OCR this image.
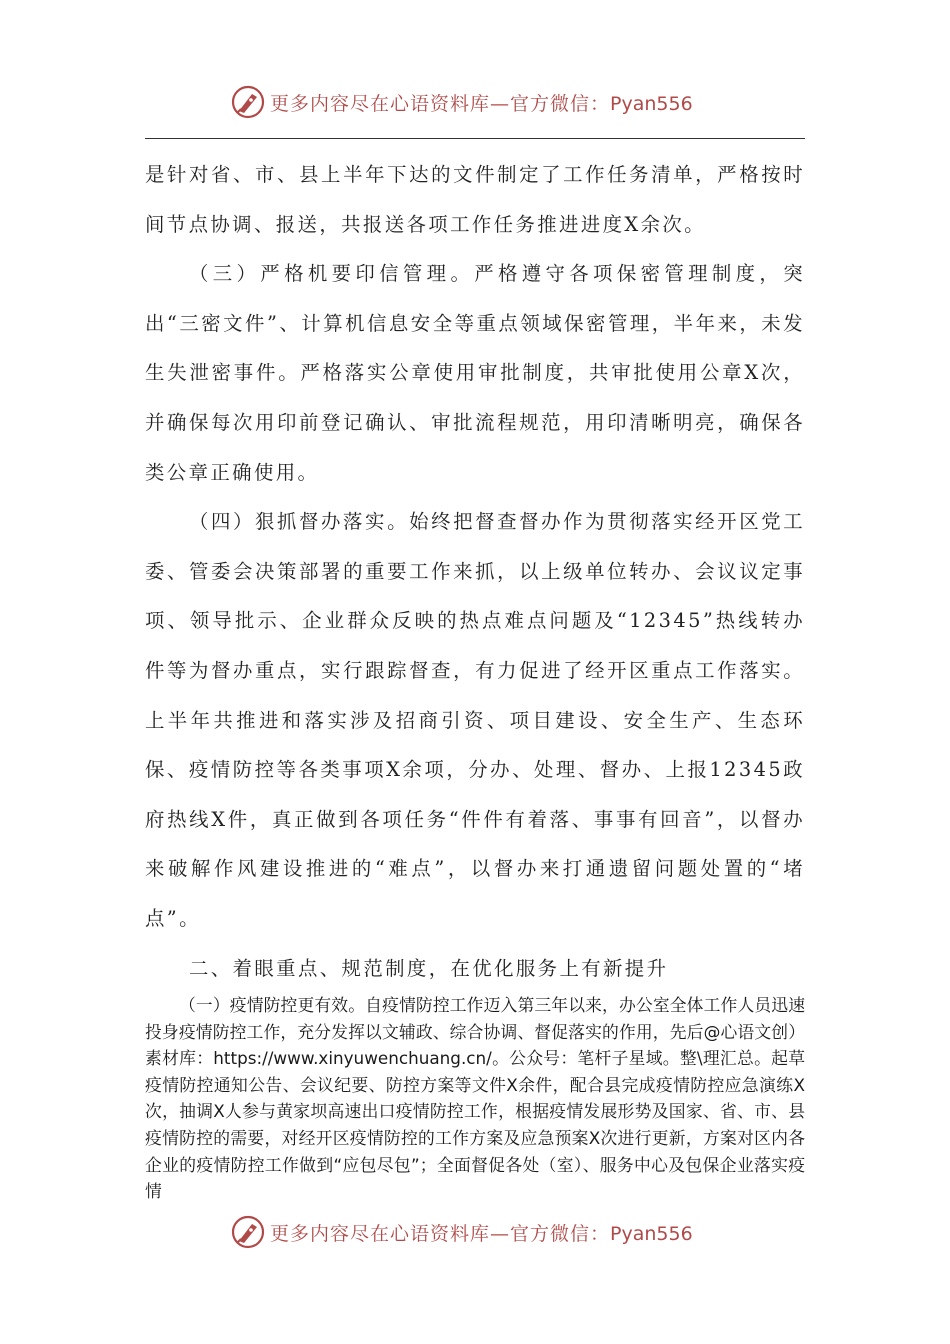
更多内容尽在心语资料库—官方微信：Pyan556

是针对省、市、县上半年下达的文件制定了工作任务清单，严格按时间节点协调、报送，共报送各项工作任务推进进度X余次。

（三）严格机要印信管理。严格遵守各项保密管理制度，突出“三密文件”、计算机信息安全等重点领域保密管理，半年来，未发生失泄密事件。严格落实公章使用审批制度，共审批使用公章X次，并确保每次用印前登记确认、审批流程规范，用印清晰明亮，确保各类公章正确使用。

（四）狠抓督办落实。始终把督查督办作为贯彻落实经开区党工委、管委会决策部署的重要工作来抓，以上级单位转办、会议议定事项、领导批示、企业群众反映的热点难点问题及“12345”热线转办件等为督办重点，实行跟踪督查，有力促进了经开区重点工作落实。上半年共推进和落实涉及招商引资、项目建设、安全生产、生态环保、疫情防控等各类事项X余项，分办、处理、督办、上报12345政府热线X件，真正做到各项任务“件件有着落、事事有回音”，以督办来破解作风建设推进的“难点”，以督办来打通遗留问题处置的“堵点”。

二、着眼重点、规范制度，在优化服务上有新提升

（一）疫情防控更有效。自疫情防控工作迈入第三年以来，办公室全体工作人员迅速投身疫情防控工作，充分发挥以文辅政、综合协调、督促落实的作用，先后@心语文创）素材库：https://www.xinyuwenchuang.cn/。公众号：笔杆子星域。整\理汇总。起草疫情防控通知公告、会议纪要、防控方案等文件X余件，配合县完成疫情防控应急演练X次，抽调X人参与黄家坝高速出口疫情防控工作，根据疫情发展形势及国家、省、市、县疫情防控的需要，对经开区疫情防控的工作方案及应急预案X次进行更新，方案对区内各企业的疫情防控工作做到“应包尽包”；全面督促各处（室）、服务中心及包保企业落实疫情

更多内容尽在心语资料库—官方微信：Pyan556
